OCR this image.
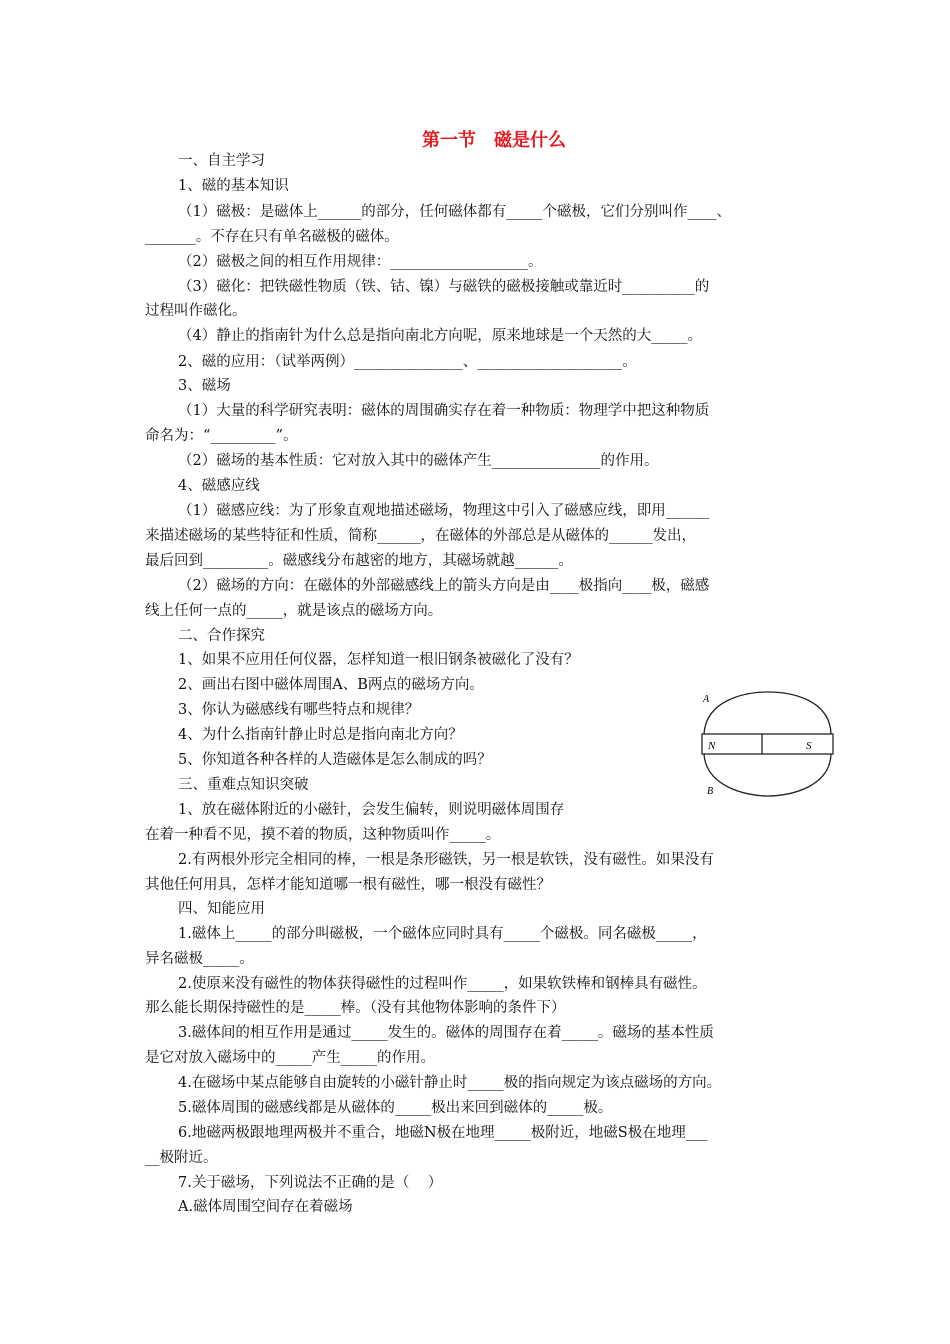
第一节　磁是什么
一、自主学习
1、磁的基本知识
（1）磁极：是磁体上______的部分，任何磁体都有_____个磁极，它们分别叫作____、
_______。不存在只有单名磁极的磁体。
（2）磁极之间的相互作用规律：___________________。
（3）磁化：把铁磁性物质（铁、钴、镍）与磁铁的磁极接触或靠近时__________的
过程叫作磁化。
（4）静止的指南针为什么总是指向南北方向呢，原来地球是一个天然的大_____。
2、磁的应用：（试举两例）_______________、____________________。
3、磁场
（1）大量的科学研究表明：磁体的周围确实存在着一种物质：物理学中把这种物质
命名为：“_________”。
（2）磁场的基本性质：它对放入其中的磁体产生_______________的作用。
4、磁感应线
（1）磁感应线：为了形象直观地描述磁场，物理这中引入了磁感应线，即用______
来描述磁场的某些特征和性质，简称______，在磁体的外部总是从磁体的______发出，
最后回到_________。磁感线分布越密的地方，其磁场就越______。
（2）磁场的方向：在磁体的外部磁感线上的箭头方向是由____极指向____极，磁感
线上任何一点的_____，就是该点的磁场方向。
二、合作探究
1、如果不应用任何仪器，怎样知道一根旧钢条被磁化了没有？
2、画出右图中磁体周围A、B两点的磁场方向。
3、你认为磁感线有哪些特点和规律？
4、为什么指南针静止时总是指向南北方向？
5、你知道各种各样的人造磁体是怎么制成的吗？
三、重难点知识突破
1、放在磁体附近的小磁针，会发生偏转，则说明磁体周围存
在着一种看不见，摸不着的物质，这种物质叫作_____。
2.有两根外形完全相同的棒，一根是条形磁铁，另一根是软铁，没有磁性。如果没有
其他任何用具，怎样才能知道哪一根有磁性，哪一根没有磁性？
四、知能应用
1.磁体上_____的部分叫磁极，一个磁体应同时具有_____个磁极。同名磁极_____，
异名磁极_____。
2.使原来没有磁性的物体获得磁性的过程叫作_____，如果软铁棒和钢棒具有磁性。
那么能长期保持磁性的是_____棒。（没有其他物体影响的条件下）
3.磁体间的相互作用是通过_____发生的。磁体的周围存在着_____。磁场的基本性质
是它对放入磁场中的_____产生_____的作用。
4.在磁场中某点能够自由旋转的小磁针静止时_____极的指向规定为该点磁场的方向。
5.磁体周围的磁感线都是从磁体的_____极出来回到磁体的_____极。
6.地磁两极跟地理两极并不重合，地磁N极在地理_____极附近，地磁S极在地理___
__极附近。
7.关于磁场，下列说法不正确的是（    ）
A.磁体周围空间存在着磁场
N	S
A
B
